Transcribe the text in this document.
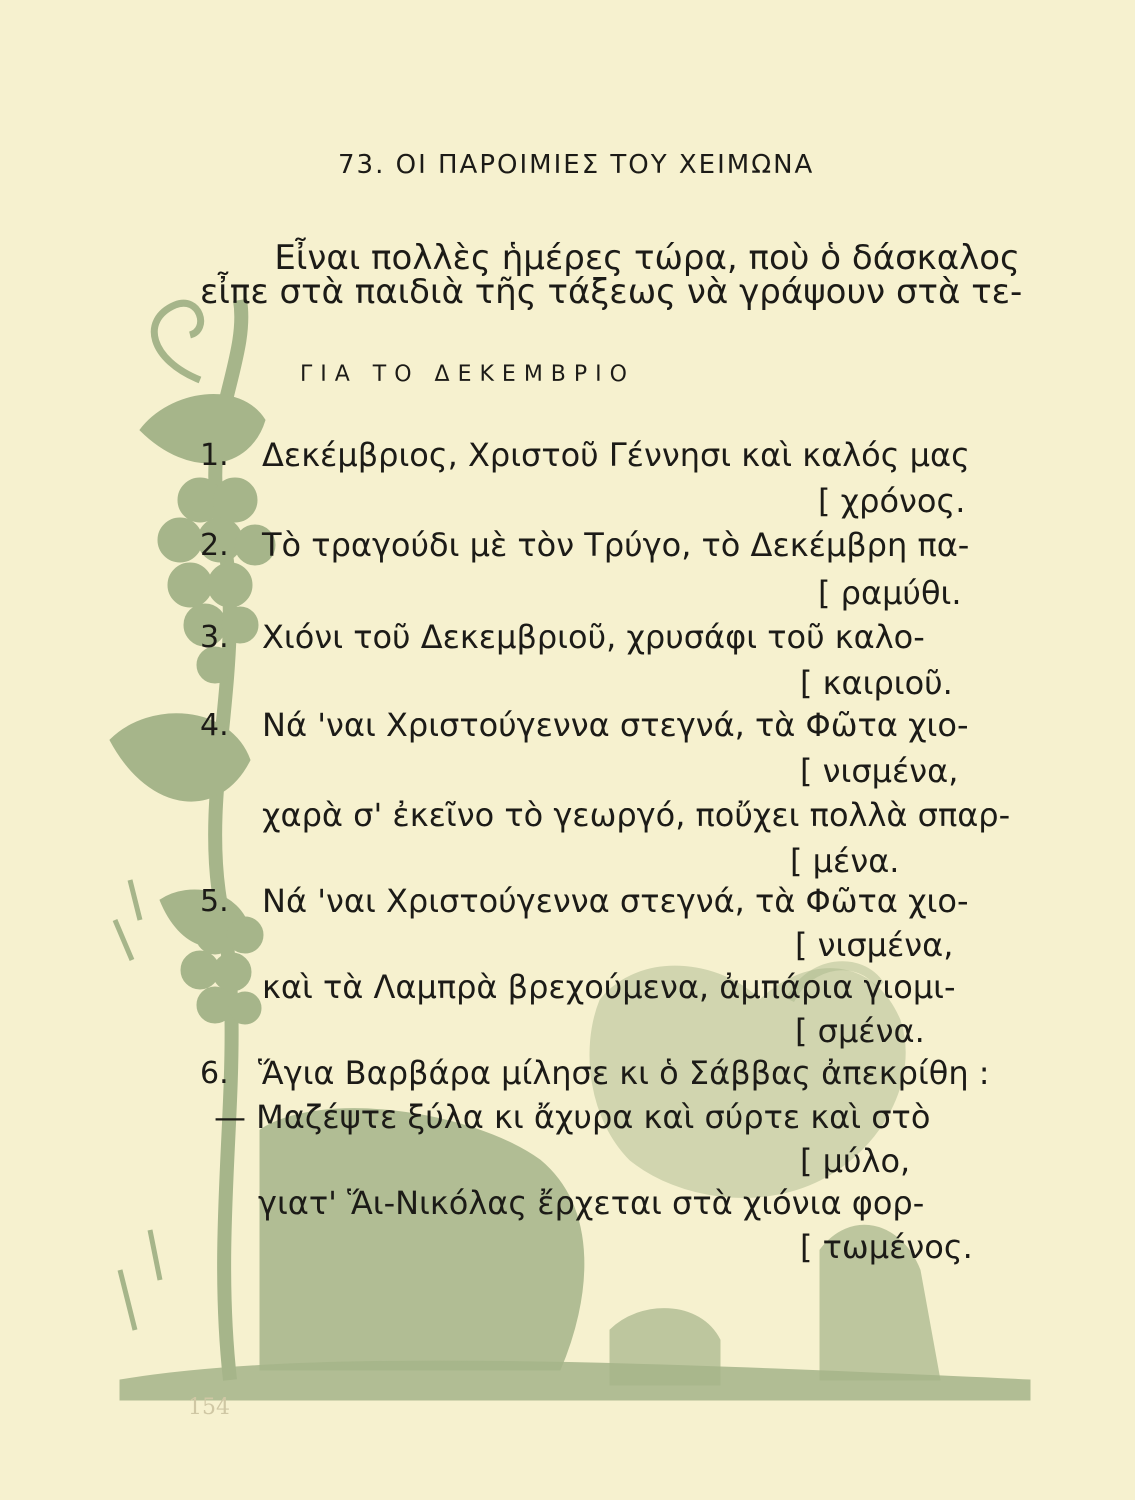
73. ΟΙ ΠΑΡΟΙΜΙΕΣ ΤΟΥ ΧΕΙΜΩΝΑ
Εἶναι πολλὲς ἡμέρες τώρα, ποὺ ὁ δάσκαλος
εἶπε στὰ παιδιὰ τῆς τάξεως νὰ γράψουν στὰ τε-
ΓΙΑ ΤΟ ΔΕΚΕΜΒΡΙΟ
1. Δεκέμβριος, Χριστοῦ Γέννησι καὶ καλός μας
[ χρόνος.
2. Τὸ τραγούδι μὲ τὸν Τρύγο, τὸ Δεκέμβρη πα-
[ ραμύθι.
3. Χιόνι τοῦ Δεκεμβριοῦ, χρυσάφι τοῦ καλο-
[ καιριοῦ.
4. Νά 'ναι Χριστούγεννα στεγνά, τὰ Φῶτα χιο-
[ νισμένα,
χαρὰ σ' ἐκεῖνο τὸ γεωργό, ποὔχει πολλὰ σπαρ-
[ μένα.
5. Νά 'ναι Χριστούγεννα στεγνά, τὰ Φῶτα χιο-
[ νισμένα,
καὶ τὰ Λαμπρὰ βρεχούμενα, ἀμπάρια γιομι-
[ σμένα.
6. Ἅγια Βαρβάρα μίλησε κι ὁ Σάββας ἀπεκρίθη :
— Μαζέψτε ξύλα κι ἄχυρα καὶ σύρτε καὶ στὸ
[ μύλο,
γιατ' Ἅι-Νικόλας ἔρχεται στὰ χιόνια φορ-
[ τωμένος.
154
